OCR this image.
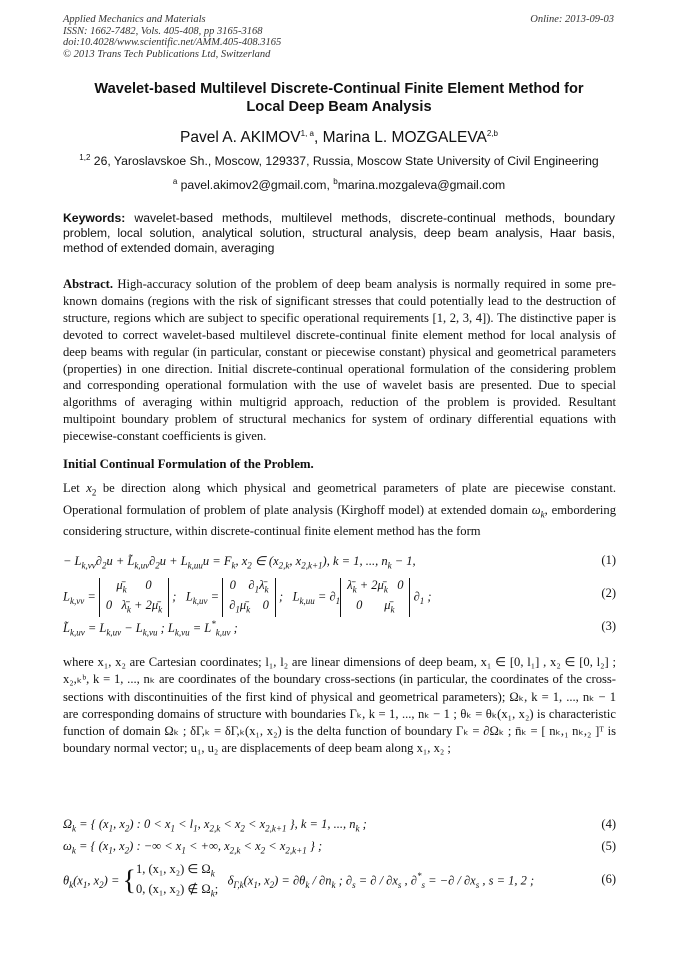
Applied Mechanics and Materials
ISSN: 1662-7482, Vols. 405-408, pp 3165-3168
doi:10.4028/www.scientific.net/AMM.405-408.3165
© 2013 Trans Tech Publications Ltd, Switzerland
Online: 2013-09-03
Wavelet-based Multilevel Discrete-Continual Finite Element Method for
Local Deep Beam Analysis
Pavel A. AKIMOV$^{1, a}$, Marina L. MOZGALEVA$^{2,b}$
$^{1,2}$ 26, Yaroslavskoe Sh., Moscow, 129337, Russia, Moscow State University of Civil Engineering
$^a$ pavel.akimov2@gmail.com, $^b$marina.mozgaleva@gmail.com
Keywords: wavelet-based methods, multilevel methods, discrete-continual methods, boundary problem, local solution, analytical solution, structural analysis, deep beam analysis, Haar basis, method of extended domain, averaging
Abstract. High-accuracy solution of the problem of deep beam analysis is normally required in some pre-known domains (regions with the risk of significant stresses that could potentially lead to the destruction of structure, regions which are subject to specific operational requirements [1, 2, 3, 4]). The distinctive paper is devoted to correct wavelet-based multilevel discrete-continual finite element method for local analysis of deep beams with regular (in particular, constant or piecewise constant) physical and geometrical parameters (properties) in one direction. Initial discrete-continual operational formulation of the considering problem and corresponding operational formulation with the use of wavelet basis are presented. Due to special algorithms of averaging within multigrid approach, reduction of the problem is provided. Resultant multipoint boundary problem of structural mechanics for system of ordinary differential equations with piecewise-constant coefficients is given.
Initial Continual Formulation of the Problem.
Let $x_2$ be direction along which physical and geometrical parameters of plate are piecewise constant. Operational formulation of problem of plate analysis (Kirghoff model) at extended domain $\omega_k$, embordering considering structure, within discrete-continual finite element method has the form
− $L_{k,vv}\partial_2u$ + $L̃_{k,uv}\partial_2u + L_{k,uu}u = F_k$, $x_2$ ∈ ($x_{2,k}$, $x_{2,k+1}$), k = 1, ..., $n_k - 1$,	(1)
$L_{k,vv}$ = $\mū_k$      0
0   $\lambdā_k$ + $2\mū_k$ ;   $L_{k,uv} = 0$    $\partial_1\lambdā_k$
$\partial_1\mū_k$    0 ;   $L_{k,uu}$ = $\partial_1\lambdā_k$ + $2\mū_k$   0
0       $\mū_k$ $\partial_1$ ;	(2)
$L̃_{k,uv} = L_{k,uv} - L_{k,vu}$ ; $L_{k,vu} = L^*_{k,uv}$ ;	(3)
where x₁, x₂ are Cartesian coordinates; l₁, l₂ are linear dimensions of deep beam, x₁ ∈ [0, l₁] , x₂ ∈ [0, l₂] ; x₂,ₖᵇ, k = 1, ..., nₖ are coordinates of the boundary cross-sections (in particular, the coordinates of the cross-sections with discontinuities of the first kind of physical and geometrical parameters); Ωₖ, k = 1, ..., nₖ − 1 are corresponding domains of structure with boundaries Γₖ, k = 1, ..., nₖ − 1 ; θₖ = θₖ(x₁, x₂) is characteristic function of domain Ωₖ ; δΓ,ₖ = δΓ,ₖ(x₁, x₂) is the delta function of boundary Γₖ = ∂Ωₖ ; n̄ₖ = [ nₖ,₁ nₖ,₂ ]ᵀ is boundary normal vector; u₁, u₂ are displacements of deep beam along x₁, x₂ ;
$\Omega_k$ = { ($x_1$, $x_2$) : $0 < x_1 < l_1$, $x_{2,k} < x_2 < x_{2,k+1}$ }, k = 1, ..., $n_k$ ;	(4)
$\omega_k$ = { ($x_1$, $x_2$) : −∞ < $x_1$ < +∞, $x_{2,k} < x_2 < x_{2,k+1}$ } ;	(5)
$\theta_k(x_1$, $x_2) = \{1$, (x₁, x₂) ∈ $\Omega_k$
0, (x₁, x₂) ∉ $\Omega_k$;   $\delta_{\Gamma,k}(x_1$, $x_2) = \partial\theta_k / \partial n_k$ ; $\partial_s$ = ∂ / $\partial x_s$ , $\partial^*_s$ = −∂ / $\partial x_s$ , s = 1, 2 ;	(6)
